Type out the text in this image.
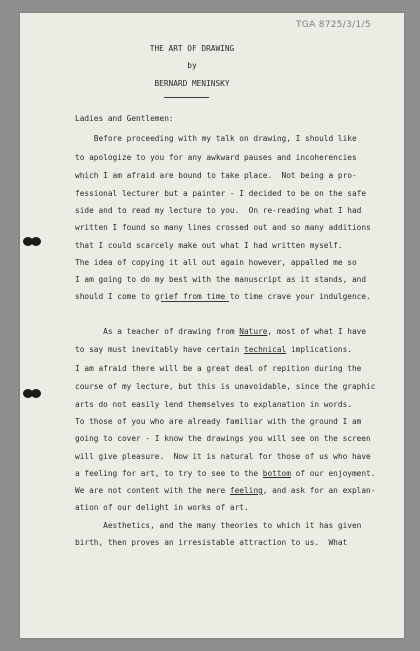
TGA 8725/3/1/5
THE ART OF DRAWING
by
BERNARD MENINSKY
Ladies and Gentlemen:
Before proceeding with my talk on drawing, I should like
to apologize to you for any awkward pauses and incoherencies
which I am afraid are bound to take place.  Not being a pro-
fessional lecturer but a painter - I decided to be on the safe
side and to read my lecture to you.  On re-reading what I had
written I found so many lines crossed out and so many additions
that I could scarcely make out what I had written myself.
The idea of copying it all out again however, appalled me so
I am going to do my best with the manuscript as it stands, and
should I come to grief from time to time crave your indulgence.
As a teacher of drawing from Nature, most of what I have
to say must inevitably have certain technical implications.
I am afraid there will be a great deal of repition during the
course of my lecture, but this is unavoidable, since the graphic
arts do not easily lend themselves to explanation in words.
To those of you who are already familiar with the ground I am
going to cover - I know the drawings you will see on the screen
will give pleasure.  Now it is natural for those of us who have
a feeling for art, to try to see to the bottom of our enjoyment.
We are not content with the mere feeling, and ask for an explan-
ation of our delight in works of art.
Aesthetics, and the many theories to which it has given
birth, then proves an irresistable attraction to us.  What
